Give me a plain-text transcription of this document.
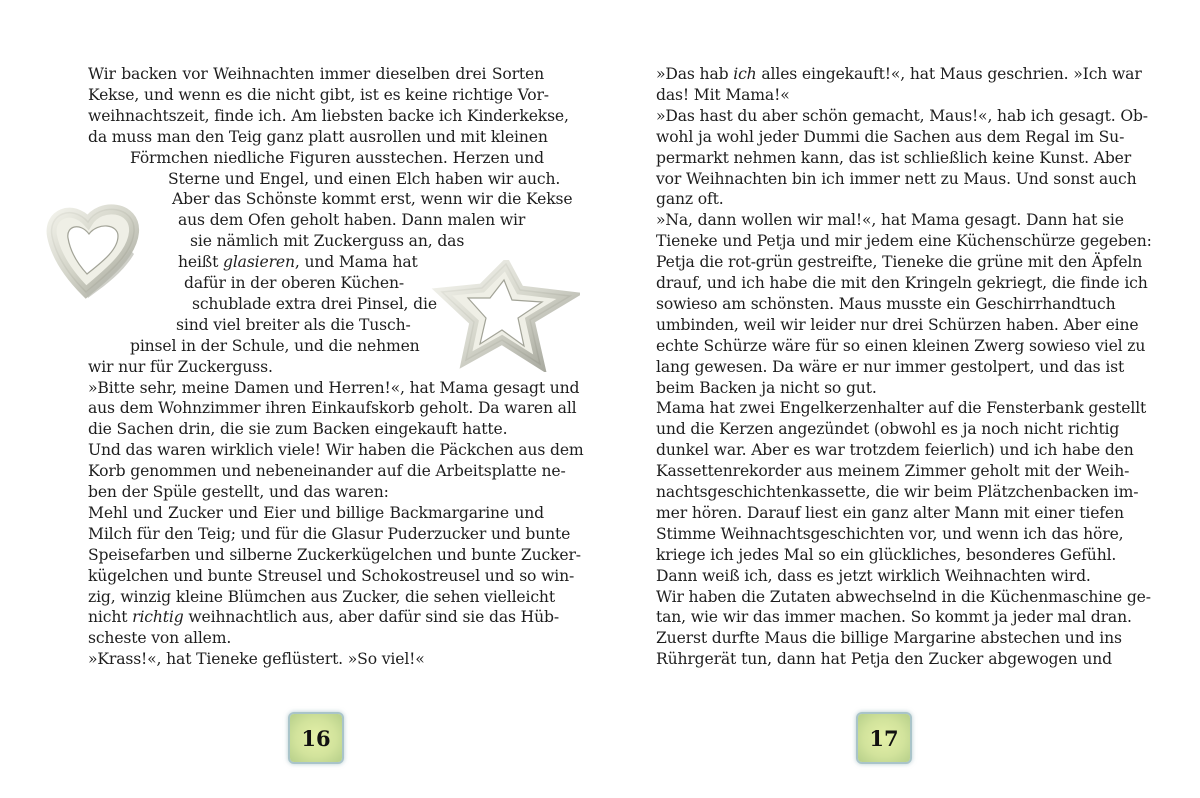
Wir backen vor Weihnachten immer dieselben drei Sorten
Kekse, und wenn es die nicht gibt, ist es keine richtige Vor-
weihnachtszeit, finde ich. Am liebsten backe ich Kinderkekse,
da muss man den Teig ganz platt ausrollen und mit kleinen
Förmchen niedliche Figuren ausstechen. Herzen und
Sterne und Engel, und einen Elch haben wir auch.
Aber das Schönste kommt erst, wenn wir die Kekse
aus dem Ofen geholt haben. Dann malen wir
sie nämlich mit Zuckerguss an, das
heißt glasieren, und Mama hat
dafür in der oberen Küchen-
schublade extra drei Pinsel, die
sind viel breiter als die Tusch-
pinsel in der Schule, und die nehmen
wir nur für Zuckerguss.
»Bitte sehr, meine Damen und Herren!«, hat Mama gesagt und
aus dem Wohnzimmer ihren Einkaufskorb geholt. Da waren all
die Sachen drin, die sie zum Backen eingekauft hatte.
Und das waren wirklich viele! Wir haben die Päckchen aus dem
Korb genommen und nebeneinander auf die Arbeitsplatte ne-
ben der Spüle gestellt, und das waren:
Mehl und Zucker und Eier und billige Backmargarine und
Milch für den Teig; und für die Glasur Puderzucker und bunte
Speisefarben und silberne Zuckerkügelchen und bunte Zucker-
kügelchen und bunte Streusel und Schokostreusel und so win-
zig, winzig kleine Blümchen aus Zucker, die sehen vielleicht
nicht richtig weihnachtlich aus, aber dafür sind sie das Hüb-
scheste von allem.
»Krass!«, hat Tieneke geflüstert. »So viel!«
16
»Das hab ich alles eingekauft!«, hat Maus geschrien. »Ich war
das! Mit Mama!«
»Das hast du aber schön gemacht, Maus!«, hab ich gesagt. Ob-
wohl ja wohl jeder Dummi die Sachen aus dem Regal im Su-
permarkt nehmen kann, das ist schließlich keine Kunst. Aber
vor Weihnachten bin ich immer nett zu Maus. Und sonst auch
ganz oft.
»Na, dann wollen wir mal!«, hat Mama gesagt. Dann hat sie
Tieneke und Petja und mir jedem eine Küchenschürze gegeben:
Petja die rot-grün gestreifte, Tieneke die grüne mit den Äpfeln
drauf, und ich habe die mit den Kringeln gekriegt, die finde ich
sowieso am schönsten. Maus musste ein Geschirrhandtuch
umbinden, weil wir leider nur drei Schürzen haben. Aber eine
echte Schürze wäre für so einen kleinen Zwerg sowieso viel zu
lang gewesen. Da wäre er nur immer gestolpert, und das ist
beim Backen ja nicht so gut.
Mama hat zwei Engelkerzenhalter auf die Fensterbank gestellt
und die Kerzen angezündet (obwohl es ja noch nicht richtig
dunkel war. Aber es war trotzdem feierlich) und ich habe den
Kassettenrekorder aus meinem Zimmer geholt mit der Weih-
nachtsgeschichtenkassette, die wir beim Plätzchenbacken im-
mer hören. Darauf liest ein ganz alter Mann mit einer tiefen
Stimme Weihnachtsgeschichten vor, und wenn ich das höre,
kriege ich jedes Mal so ein glückliches, besonderes Gefühl.
Dann weiß ich, dass es jetzt wirklich Weihnachten wird.
Wir haben die Zutaten abwechselnd in die Küchenmaschine ge-
tan, wie wir das immer machen. So kommt ja jeder mal dran.
Zuerst durfte Maus die billige Margarine abstechen und ins
Rührgerät tun, dann hat Petja den Zucker abgewogen und
17
